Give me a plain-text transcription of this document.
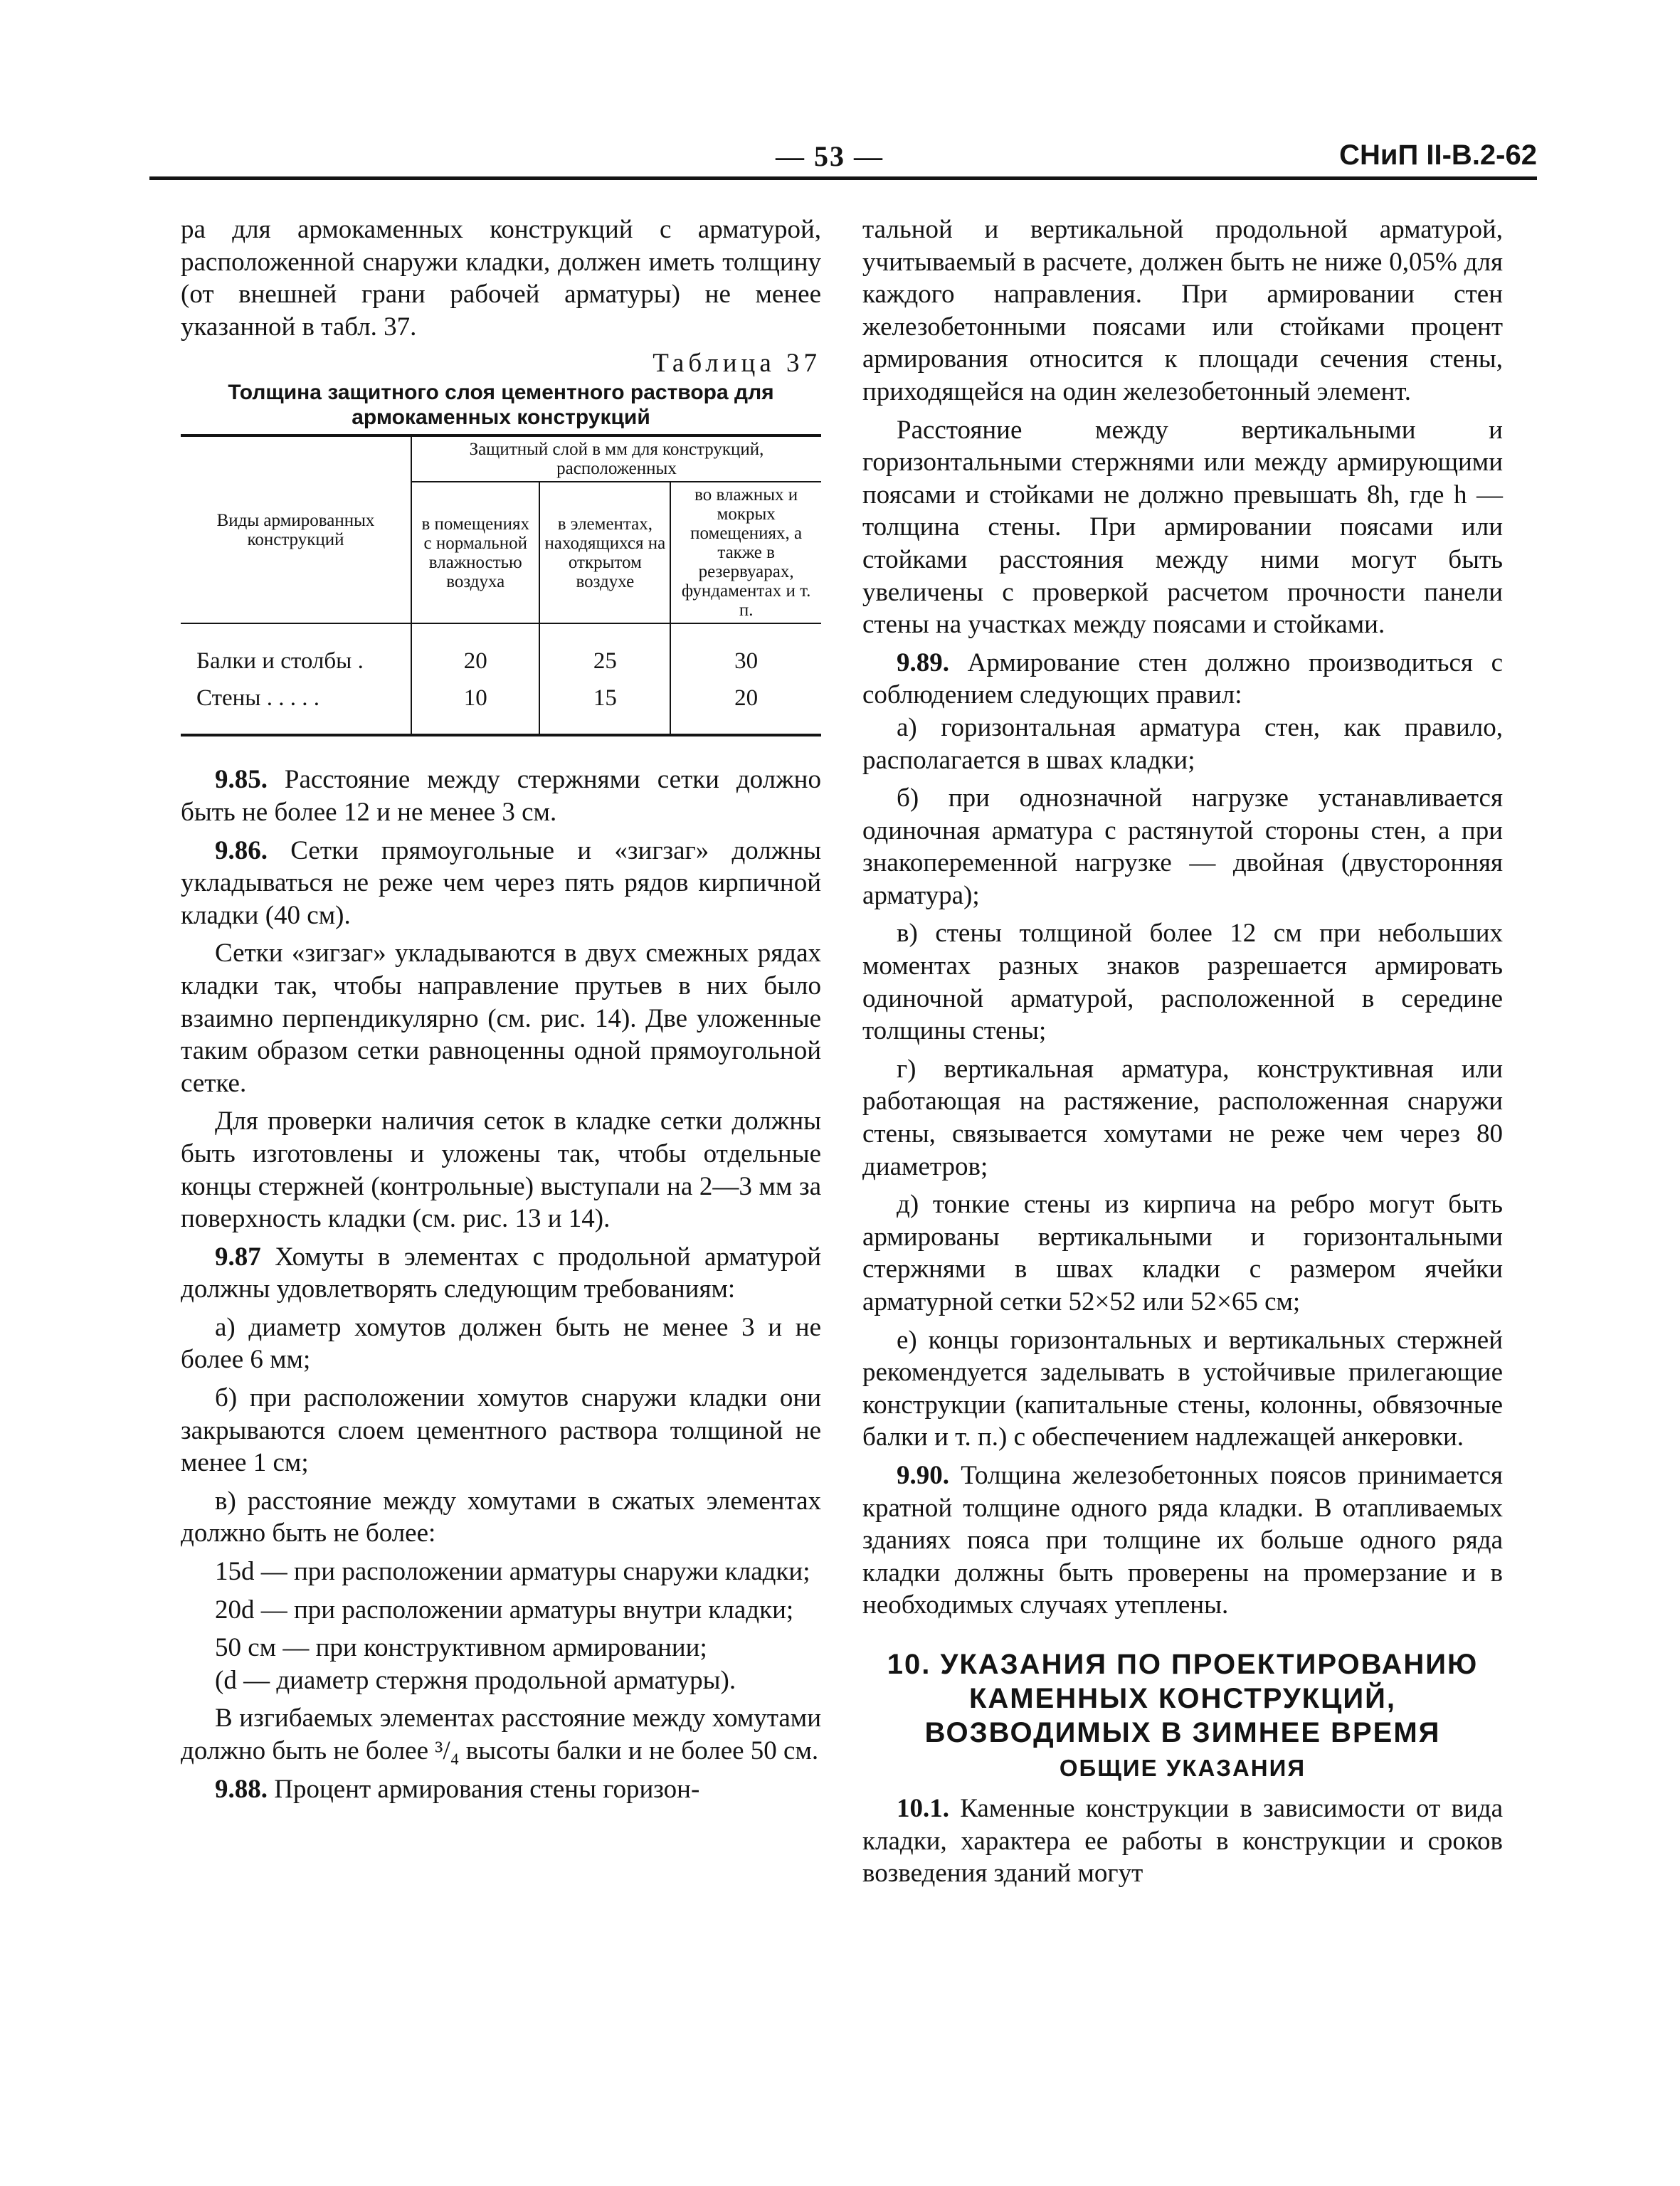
— 53 —	СНиП II-В.2-62

ра для армокаменных конструкций с арматурой, расположенной снаружи кладки, должен иметь толщину (от внешней грани рабочей арматуры) не менее указанной в табл. 37.

Таблица 37
Толщина защитного слоя цементного раствора для армокаменных конструкций
Виды армированных конструкций	Защитный слой в мм для конструкций, расположенных		
	в помещениях с нормальной влажностью воздуха	в элементах, находящихся на открытом воздухе	во влажных и мокрых помещениях, а также в резервуарах, фундаментах и т. п.
Балки и столбы .	20	25	30
Стены . . . . .	10	15	20

9.85. Расстояние между стержнями сетки должно быть не более 12 и не менее 3 см.

9.86. Сетки прямоугольные и «зигзаг» должны укладываться не реже чем через пять рядов кирпичной кладки (40 см).

Сетки «зигзаг» укладываются в двух смежных рядах кладки так, чтобы направление прутьев в них было взаимно перпендикулярно (см. рис. 14). Две уложенные таким образом сетки равноценны одной прямоугольной сетке.

Для проверки наличия сеток в кладке сетки должны быть изготовлены и уложены так, чтобы отдельные концы стержней (контрольные) выступали на 2—3 мм за поверхность кладки (см. рис. 13 и 14).

9.87 Хомуты в элементах с продольной арматурой должны удовлетворять следующим требованиям:

а) диаметр хомутов должен быть не менее 3 и не более 6 мм;

б) при расположении хомутов снаружи кладки они закрываются слоем цементного раствора толщиной не менее 1 см;

в) расстояние между хомутами в сжатых элементах должно быть не более:

15d — при расположении арматуры снаружи кладки;

20d — при расположении арматуры внутри кладки;

50 см — при конструктивном армировании;

(d — диаметр стержня продольной арматуры).

В изгибаемых элементах расстояние между хомутами должно быть не более ³/₄ высоты балки и не более 50 см.

9.88. Процент армирования стены горизон-

тальной и вертикальной продольной арматурой, учитываемый в расчете, должен быть не ниже 0,05% для каждого направления. При армировании стен железобетонными поясами или стойками процент армирования относится к площади сечения стены, приходящейся на один железобетонный элемент.

Расстояние между вертикальными и горизонтальными стержнями или между армирующими поясами и стойками не должно превышать 8h, где h — толщина стены. При армировании поясами или стойками расстояния между ними могут быть увеличены с проверкой расчетом прочности панели стены на участках между поясами и стойками.

9.89. Армирование стен должно производиться с соблюдением следующих правил:

а) горизонтальная арматура стен, как правило, располагается в швах кладки;

б) при однозначной нагрузке устанавливается одиночная арматура с растянутой стороны стен, а при знакопеременной нагрузке — двойная (двусторонняя арматура);

в) стены толщиной более 12 см при небольших моментах разных знаков разрешается армировать одиночной арматурой, расположенной в середине толщины стены;

г) вертикальная арматура, конструктивная или работающая на растяжение, расположенная снаружи стены, связывается хомутами не реже чем через 80 диаметров;

д) тонкие стены из кирпича на ребро могут быть армированы вертикальными и горизонтальными стержнями в швах кладки с размером ячейки арматурной сетки 52×52 или 52×65 см;

е) концы горизонтальных и вертикальных стержней рекомендуется заделывать в устойчивые прилегающие конструкции (капитальные стены, колонны, обвязочные балки и т. п.) с обеспечением надлежащей анкеровки.

9.90. Толщина железобетонных поясов принимается кратной толщине одного ряда кладки. В отапливаемых зданиях пояса при толщине их больше одного ряда кладки должны быть проверены на промерзание и в необходимых случаях утеплены.

10. УКАЗАНИЯ ПО ПРОЕКТИРОВАНИЮ КАМЕННЫХ КОНСТРУКЦИЙ, ВОЗВОДИМЫХ В ЗИМНЕЕ ВРЕМЯ
ОБЩИЕ УКАЗАНИЯ

10.1. Каменные конструкции в зависимости от вида кладки, характера ее работы в конструкции и сроков возведения зданий могут
